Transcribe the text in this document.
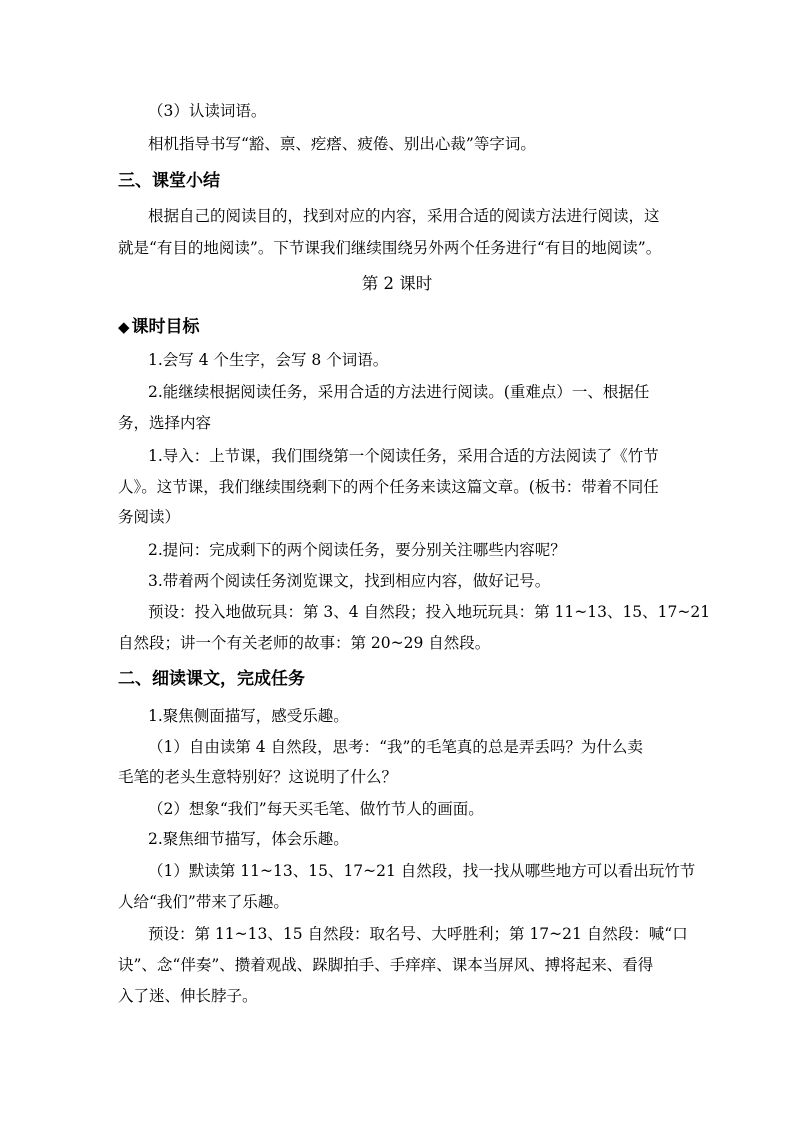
（3）认读词语。
相机指导书写“豁、禀、疙瘩、疲倦、别出心裁”等字词。
三、课堂小结
根据自己的阅读目的，找到对应的内容，采用合适的阅读方法进行阅读，这
就是“有目的地阅读”。下节课我们继续围绕另外两个任务进行“有目的地阅读”。
第 2 课时
◆ 课时目标
1.会写 4 个生字，会写 8 个词语。
2.能继续根据阅读任务，采用合适的方法进行阅读。(重难点）一、根据任
务，选择内容
1.导入：上节课，我们围绕第一个阅读任务，采用合适的方法阅读了《竹节
人》。这节课，我们继续围绕剩下的两个任务来读这篇文章。(板书：带着不同任
务阅读）
2.提问：完成剩下的两个阅读任务，要分别关注哪些内容呢？
3.带着两个阅读任务浏览课文，找到相应内容，做好记号。
预设：投入地做玩具：第 3、4 自然段；投入地玩玩具：第 11~13、15、17~21
自然段；讲一个有关老师的故事：第 20~29 自然段。
二、细读课文，完成任务
1.聚焦侧面描写，感受乐趣。
（1）自由读第 4 自然段，思考：“我”的毛笔真的总是弄丢吗？为什么卖
毛笔的老头生意特别好？这说明了什么？
（2）想象“我们”每天买毛笔、做竹节人的画面。
2.聚焦细节描写，体会乐趣。
（1）默读第 11~13、15、17~21 自然段，找一找从哪些地方可以看出玩竹节
人给“我们”带来了乐趣。
预设：第 11~13、15 自然段：取名号、大呼胜利；第 17~21 自然段：喊“口
诀”、念“伴奏”、攒着观战、跺脚拍手、手痒痒、课本当屏风、搏将起来、看得
入了迷、伸长脖子。
